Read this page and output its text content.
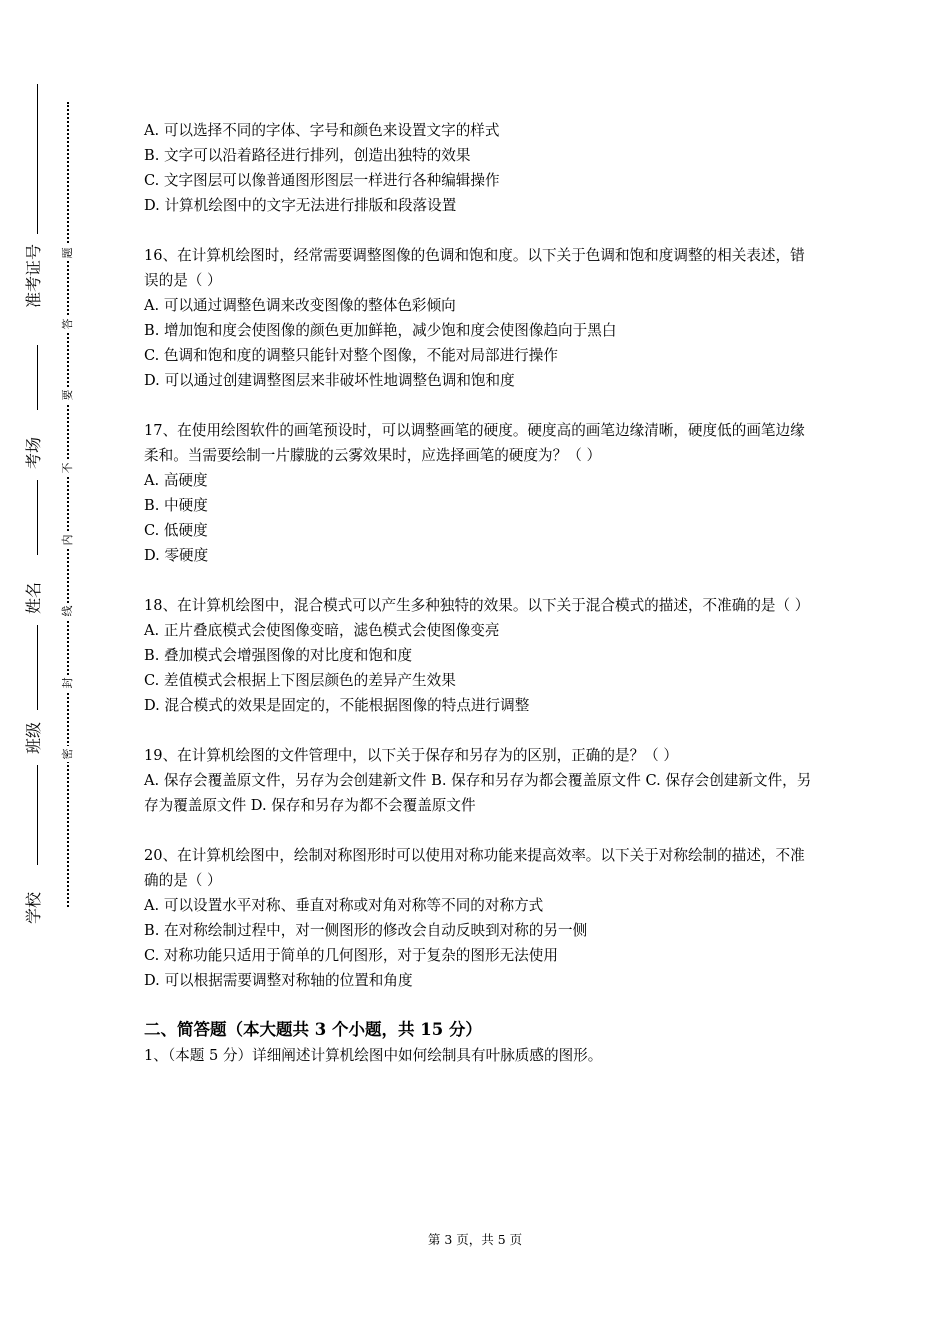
准考证号
考场
姓名
班级
学校
题
答
要
不
内
线
封
密
A. 可以选择不同的字体、字号和颜色来设置文字的样式
B. 文字可以沿着路径进行排列，创造出独特的效果
C. 文字图层可以像普通图形图层一样进行各种编辑操作
D. 计算机绘图中的文字无法进行排版和段落设置
16、在计算机绘图时，经常需要调整图像的色调和饱和度。以下关于色调和饱和度调整的相关表述，错误的是（ ）
A. 可以通过调整色调来改变图像的整体色彩倾向
B. 增加饱和度会使图像的颜色更加鲜艳，减少饱和度会使图像趋向于黑白
C. 色调和饱和度的调整只能针对整个图像，不能对局部进行操作
D. 可以通过创建调整图层来非破坏性地调整色调和饱和度
17、在使用绘图软件的画笔预设时，可以调整画笔的硬度。硬度高的画笔边缘清晰，硬度低的画笔边缘柔和。当需要绘制一片朦胧的云雾效果时，应选择画笔的硬度为？（ ）
A. 高硬度
B. 中硬度
C. 低硬度
D. 零硬度
18、在计算机绘图中，混合模式可以产生多种独特的效果。以下关于混合模式的描述，不准确的是（ ）
A. 正片叠底模式会使图像变暗，滤色模式会使图像变亮
B. 叠加模式会增强图像的对比度和饱和度
C. 差值模式会根据上下图层颜色的差异产生效果
D. 混合模式的效果是固定的，不能根据图像的特点进行调整
19、在计算机绘图的文件管理中，以下关于保存和另存为的区别，正确的是？（ ）
A. 保存会覆盖原文件，另存为会创建新文件 B. 保存和另存为都会覆盖原文件 C. 保存会创建新文件，另存为覆盖原文件 D. 保存和另存为都不会覆盖原文件
20、在计算机绘图中，绘制对称图形时可以使用对称功能来提高效率。以下关于对称绘制的描述，不准确的是（ ）
A. 可以设置水平对称、垂直对称或对角对称等不同的对称方式
B. 在对称绘制过程中，对一侧图形的修改会自动反映到对称的另一侧
C. 对称功能只适用于简单的几何图形，对于复杂的图形无法使用
D. 可以根据需要调整对称轴的位置和角度
二、简答题（本大题共 3 个小题，共 15 分）
1、（本题 5 分）详细阐述计算机绘图中如何绘制具有叶脉质感的图形。
第 3 页，共 5 页
